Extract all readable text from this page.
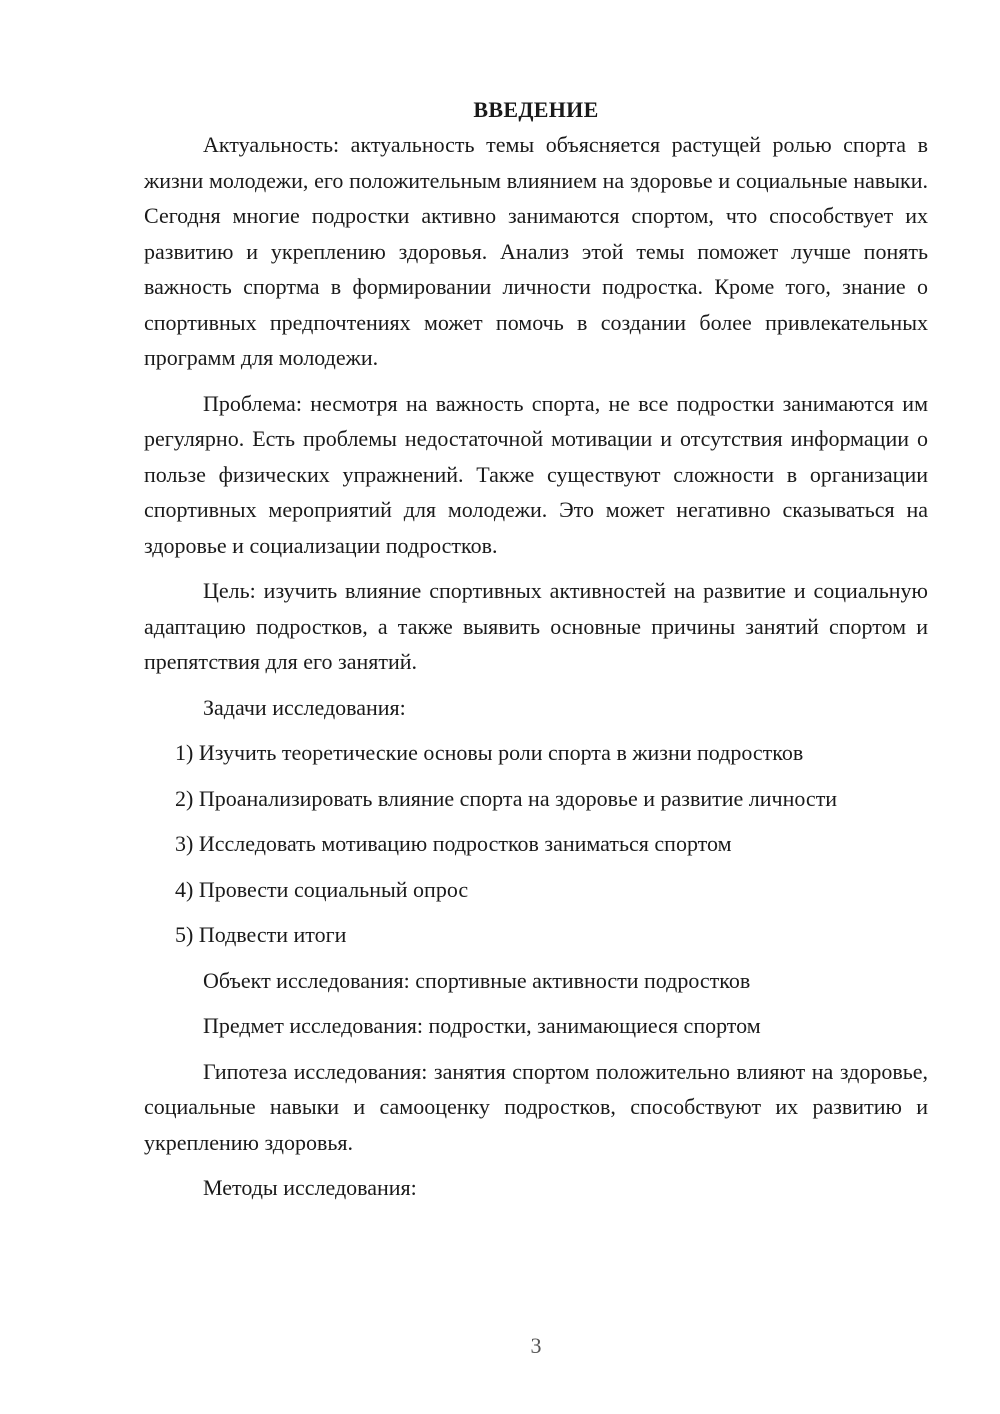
ВВЕДЕНИЕ

Актуальность: актуальность темы объясняется растущей ролью спорта в жизни молодежи, его положительным влиянием на здоровье и социальные навыки. Сегодня многие подростки активно занимаются спортом, что способствует их развитию и укреплению здоровья. Анализ этой темы поможет лучше понять важность спортма в формировании личности подростка. Кроме того, знание о спортивных предпочтениях может помочь в создании более привлекательных программ для молодежи.

Проблема: несмотря на важность спорта, не все подростки занимаются им регулярно. Есть проблемы недостаточной мотивации и отсутствия информации о пользе физических упражнений. Также существуют сложности в организации спортивных мероприятий для молодежи. Это может негативно сказываться на здоровье и социализации подростков.

Цель: изучить влияние спортивных активностей на развитие и социальную адаптацию подростков, а также выявить основные причины занятий спортом и препятствия для его занятий.

Задачи исследования:

1) Изучить теоретические основы роли спорта в жизни подростков

2) Проанализировать влияние спорта на здоровье и развитие личности

3) Исследовать мотивацию подростков заниматься спортом

4) Провести социальный опрос

5) Подвести итоги

Объект исследования: спортивные активности подростков

Предмет исследования: подростки, занимающиеся спортом

Гипотеза исследования: занятия спортом положительно влияют на здоровье, социальные навыки и самооценку подростков, способствуют их развитию и укреплению здоровья.

Методы исследования:

3
